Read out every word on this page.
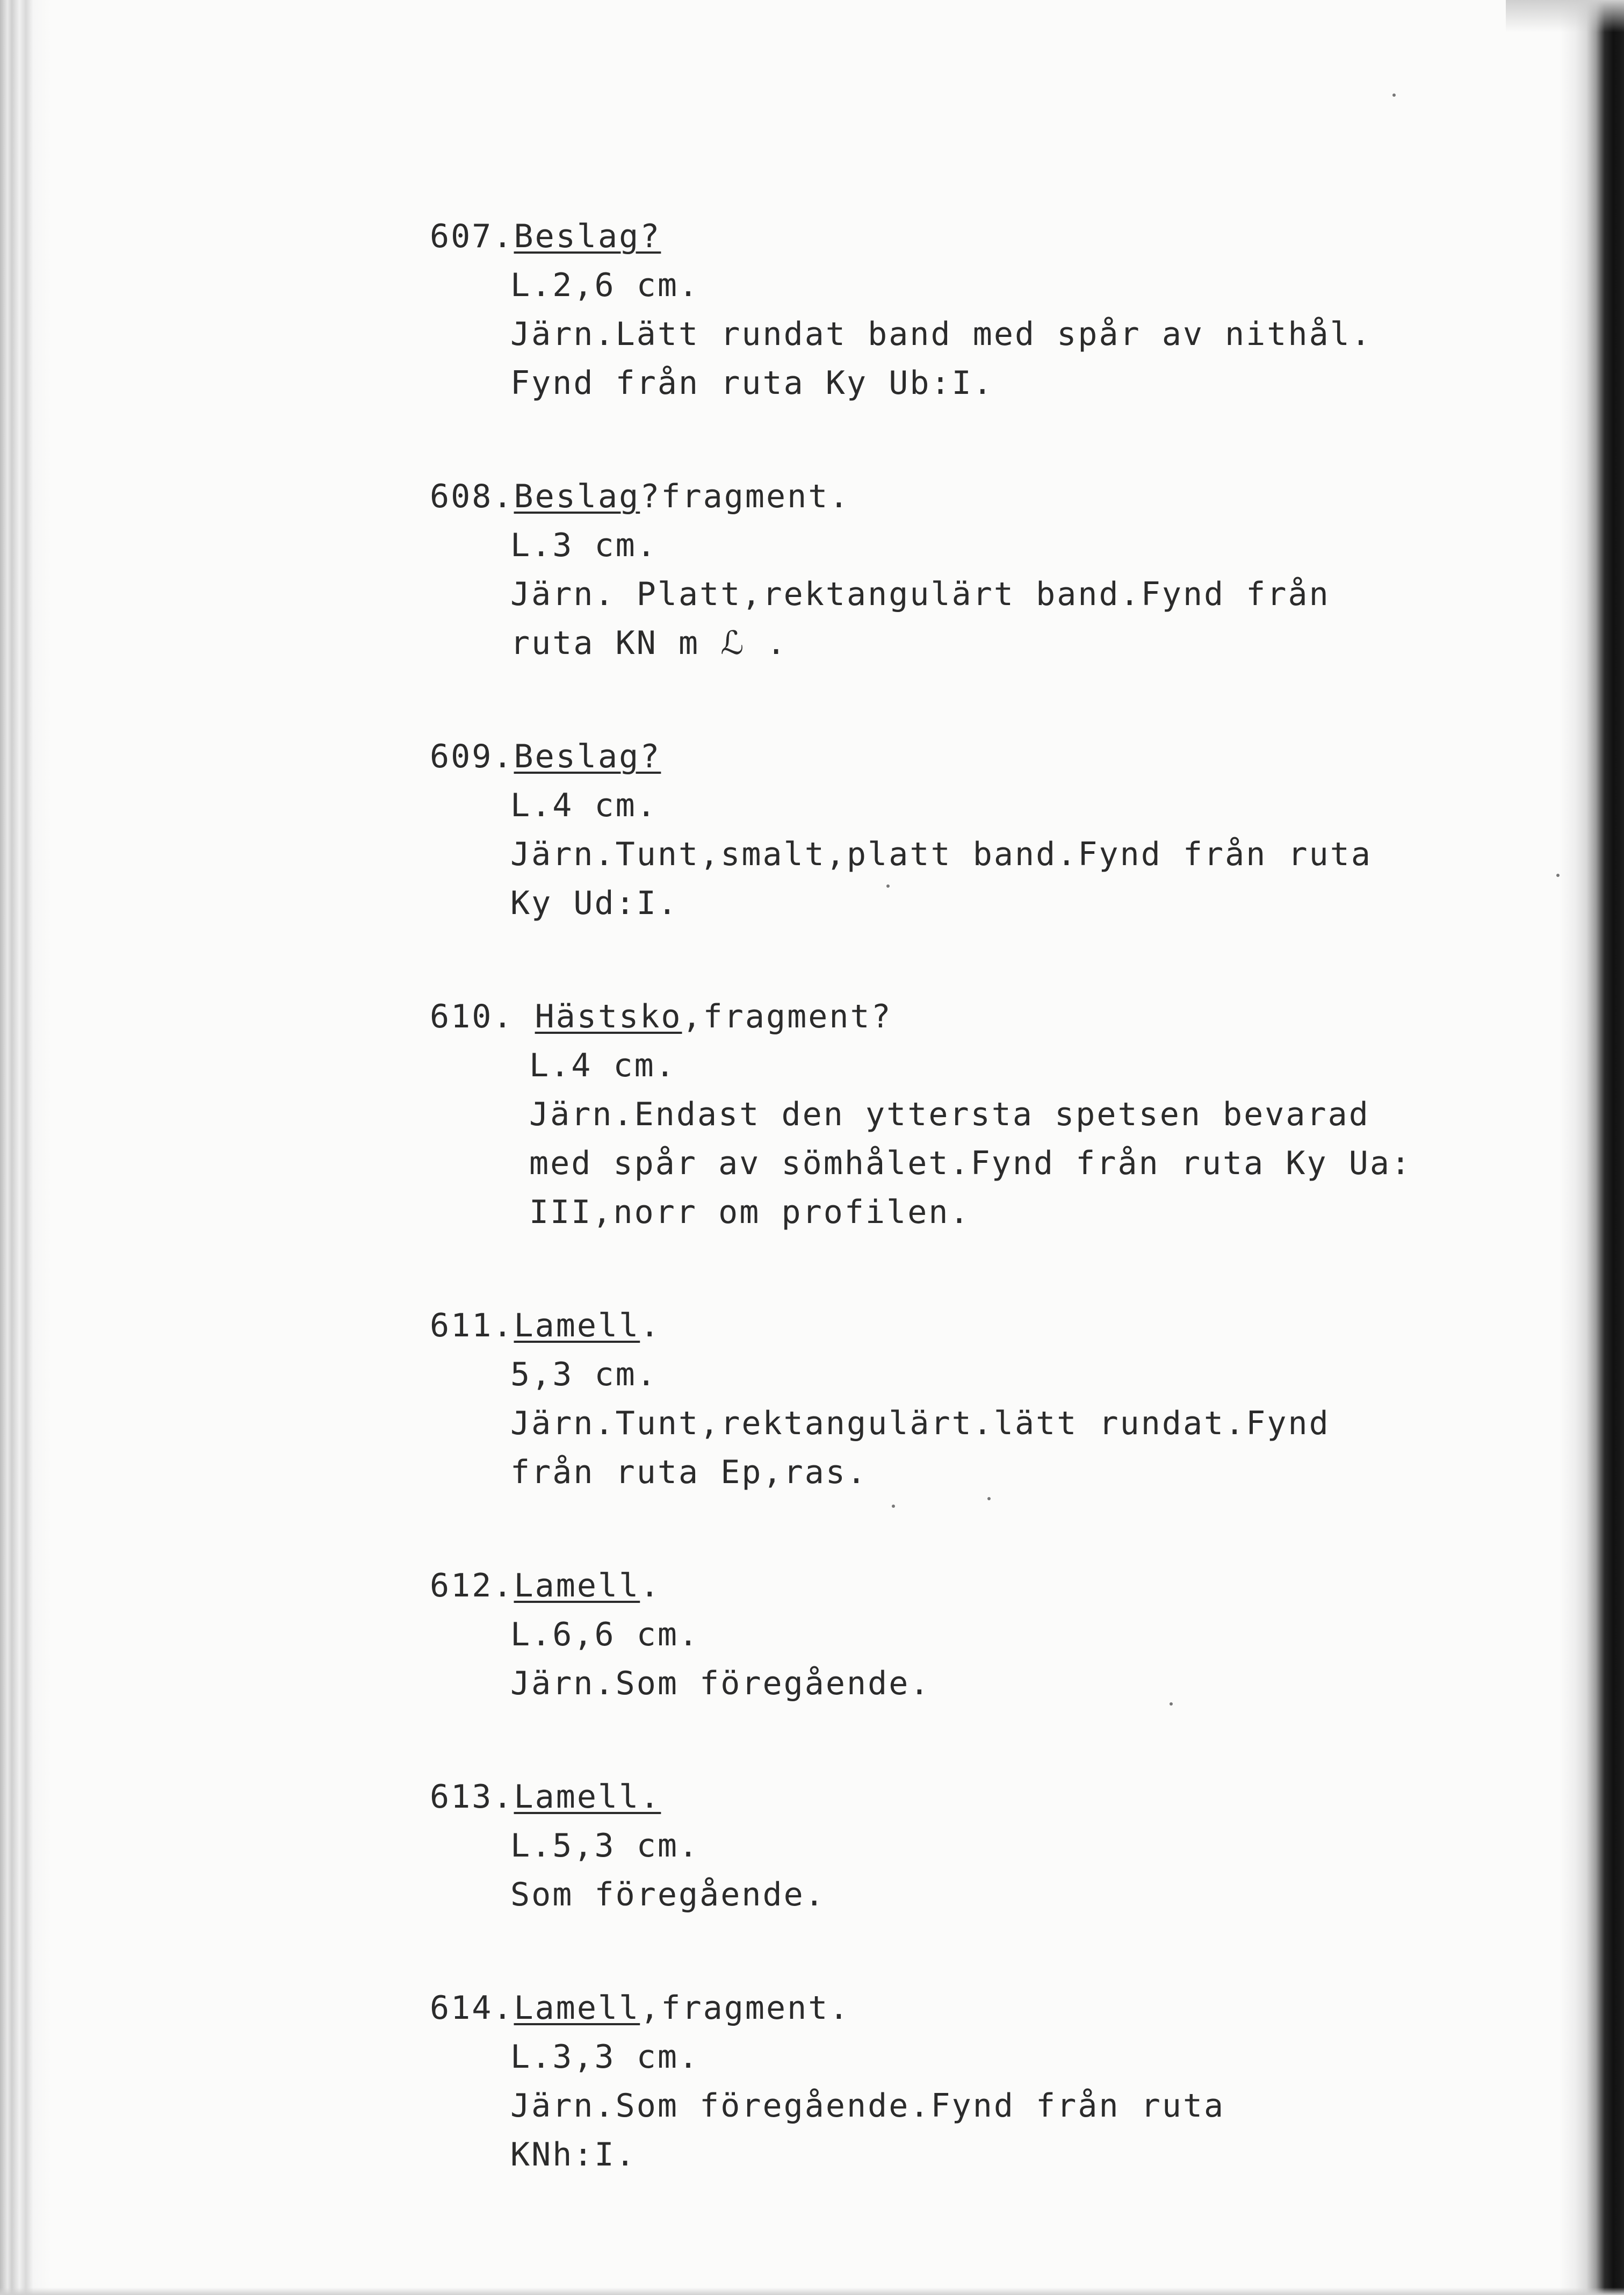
607.Beslag?
L.2,6 cm.
Järn.Lätt rundat band med spår av nithål.
Fynd från ruta Ky Ub:I.
608.Beslag?fragment.
L.3 cm.
Järn. Platt,rektangulärt band.Fynd från
ruta KN m ℒ .
609.Beslag?
L.4 cm.
Järn.Tunt,smalt,platt band.Fynd från ruta
Ky Ud:I.
610. Hästsko,fragment?
L.4 cm.
Järn.Endast den yttersta spetsen bevarad
med spår av sömhålet.Fynd från ruta Ky Ua:
III,norr om profilen.
611.Lamell.
5,3 cm.
Järn.Tunt,rektangulärt.lätt rundat.Fynd
från ruta Ep,ras.
612.Lamell.
L.6,6 cm.
Järn.Som föregående.
613.Lamell.
L.5,3 cm.
Som föregående.
614.Lamell,fragment.
L.3,3 cm.
Järn.Som föregående.Fynd från ruta
KNh:I.
